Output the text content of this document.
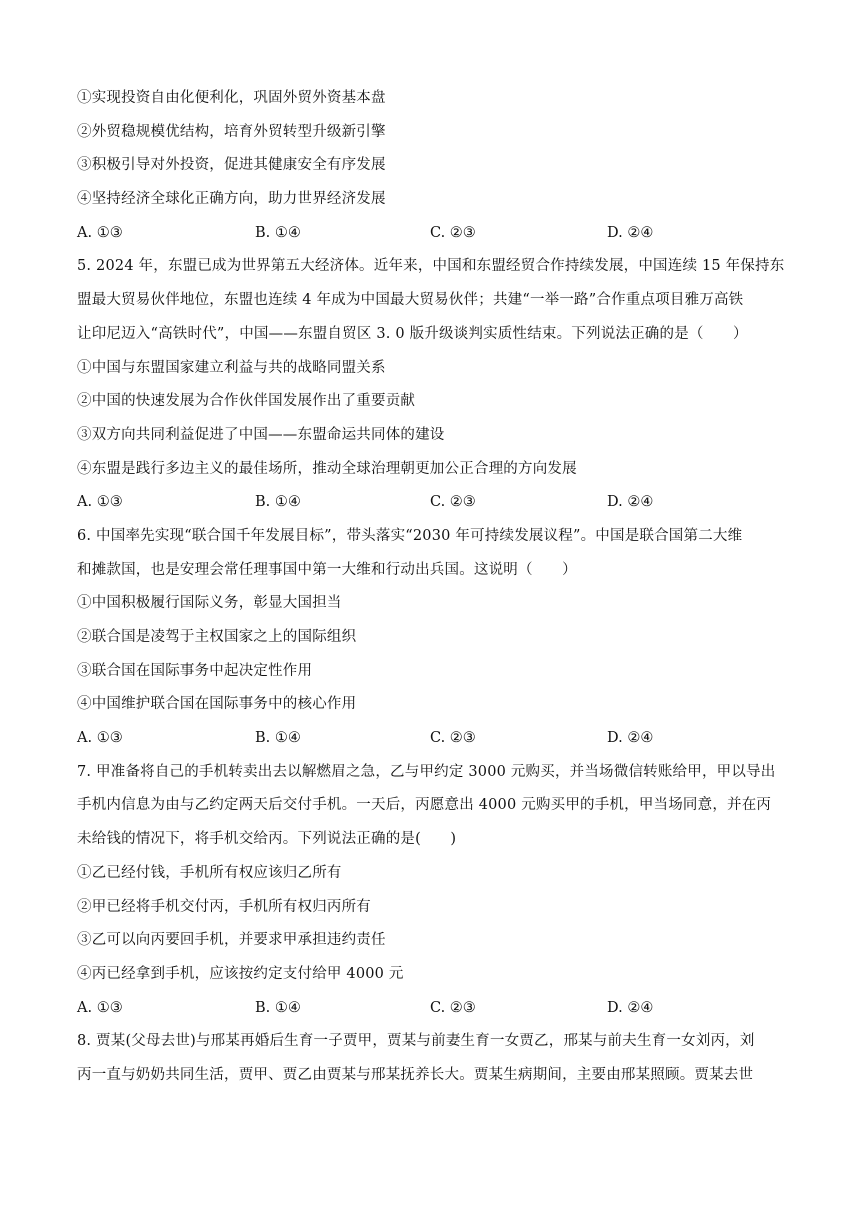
①实现投资自由化便利化，巩固外贸外资基本盘
②外贸稳规模优结构，培育外贸转型升级新引擎
③积极引导对外投资，促进其健康安全有序发展
④坚持经济全球化正确方向，助力世界经济发展
A. ①③	B. ①④	C. ②③	D. ②④
5. 2024 年，东盟已成为世界第五大经济体。近年来，中国和东盟经贸合作持续发展，中国连续 15 年保持东
盟最大贸易伙伴地位，东盟也连续 4 年成为中国最大贸易伙伴；共建“一举一路”合作重点项目雅万高铁
让印尼迈入“高铁时代”，中国——东盟自贸区 3. 0 版升级谈判实质性结束。下列说法正确的是（　　）
①中国与东盟国家建立利益与共的战略同盟关系
②中国的快速发展为合作伙伴国发展作出了重要贡献
③双方向共同利益促进了中国——东盟命运共同体的建设
④东盟是践行多边主义的最佳场所，推动全球治理朝更加公正合理的方向发展
A. ①③	B. ①④	C. ②③	D. ②④
6. 中国率先实现“联合国千年发展目标”，带头落实“2030 年可持续发展议程”。中国是联合国第二大维
和摊款国，也是安理会常任理事国中第一大维和行动出兵国。这说明（　　）
①中国积极履行国际义务，彰显大国担当
②联合国是凌驾于主权国家之上的国际组织
③联合国在国际事务中起决定性作用
④中国维护联合国在国际事务中的核心作用
A. ①③	B. ①④	C. ②③	D. ②④
7. 甲准备将自己的手机转卖出去以解燃眉之急，乙与甲约定 3000 元购买，并当场微信转账给甲，甲以导出
手机内信息为由与乙约定两天后交付手机。一天后，丙愿意出 4000 元购买甲的手机，甲当场同意，并在丙
未给钱的情况下，将手机交给丙。下列说法正确的是(　　)
①乙已经付钱，手机所有权应该归乙所有
②甲已经将手机交付丙，手机所有权归丙所有
③乙可以向丙要回手机，并要求甲承担违约责任
④丙已经拿到手机，应该按约定支付给甲 4000 元
A. ①③	B. ①④	C. ②③	D. ②④
8. 贾某(父母去世)与邢某再婚后生育一子贾甲，贾某与前妻生育一女贾乙，邢某与前夫生育一女刘丙，刘
丙一直与奶奶共同生活，贾甲、贾乙由贾某与邢某抚养长大。贾某生病期间，主要由邢某照顾。贾某去世
